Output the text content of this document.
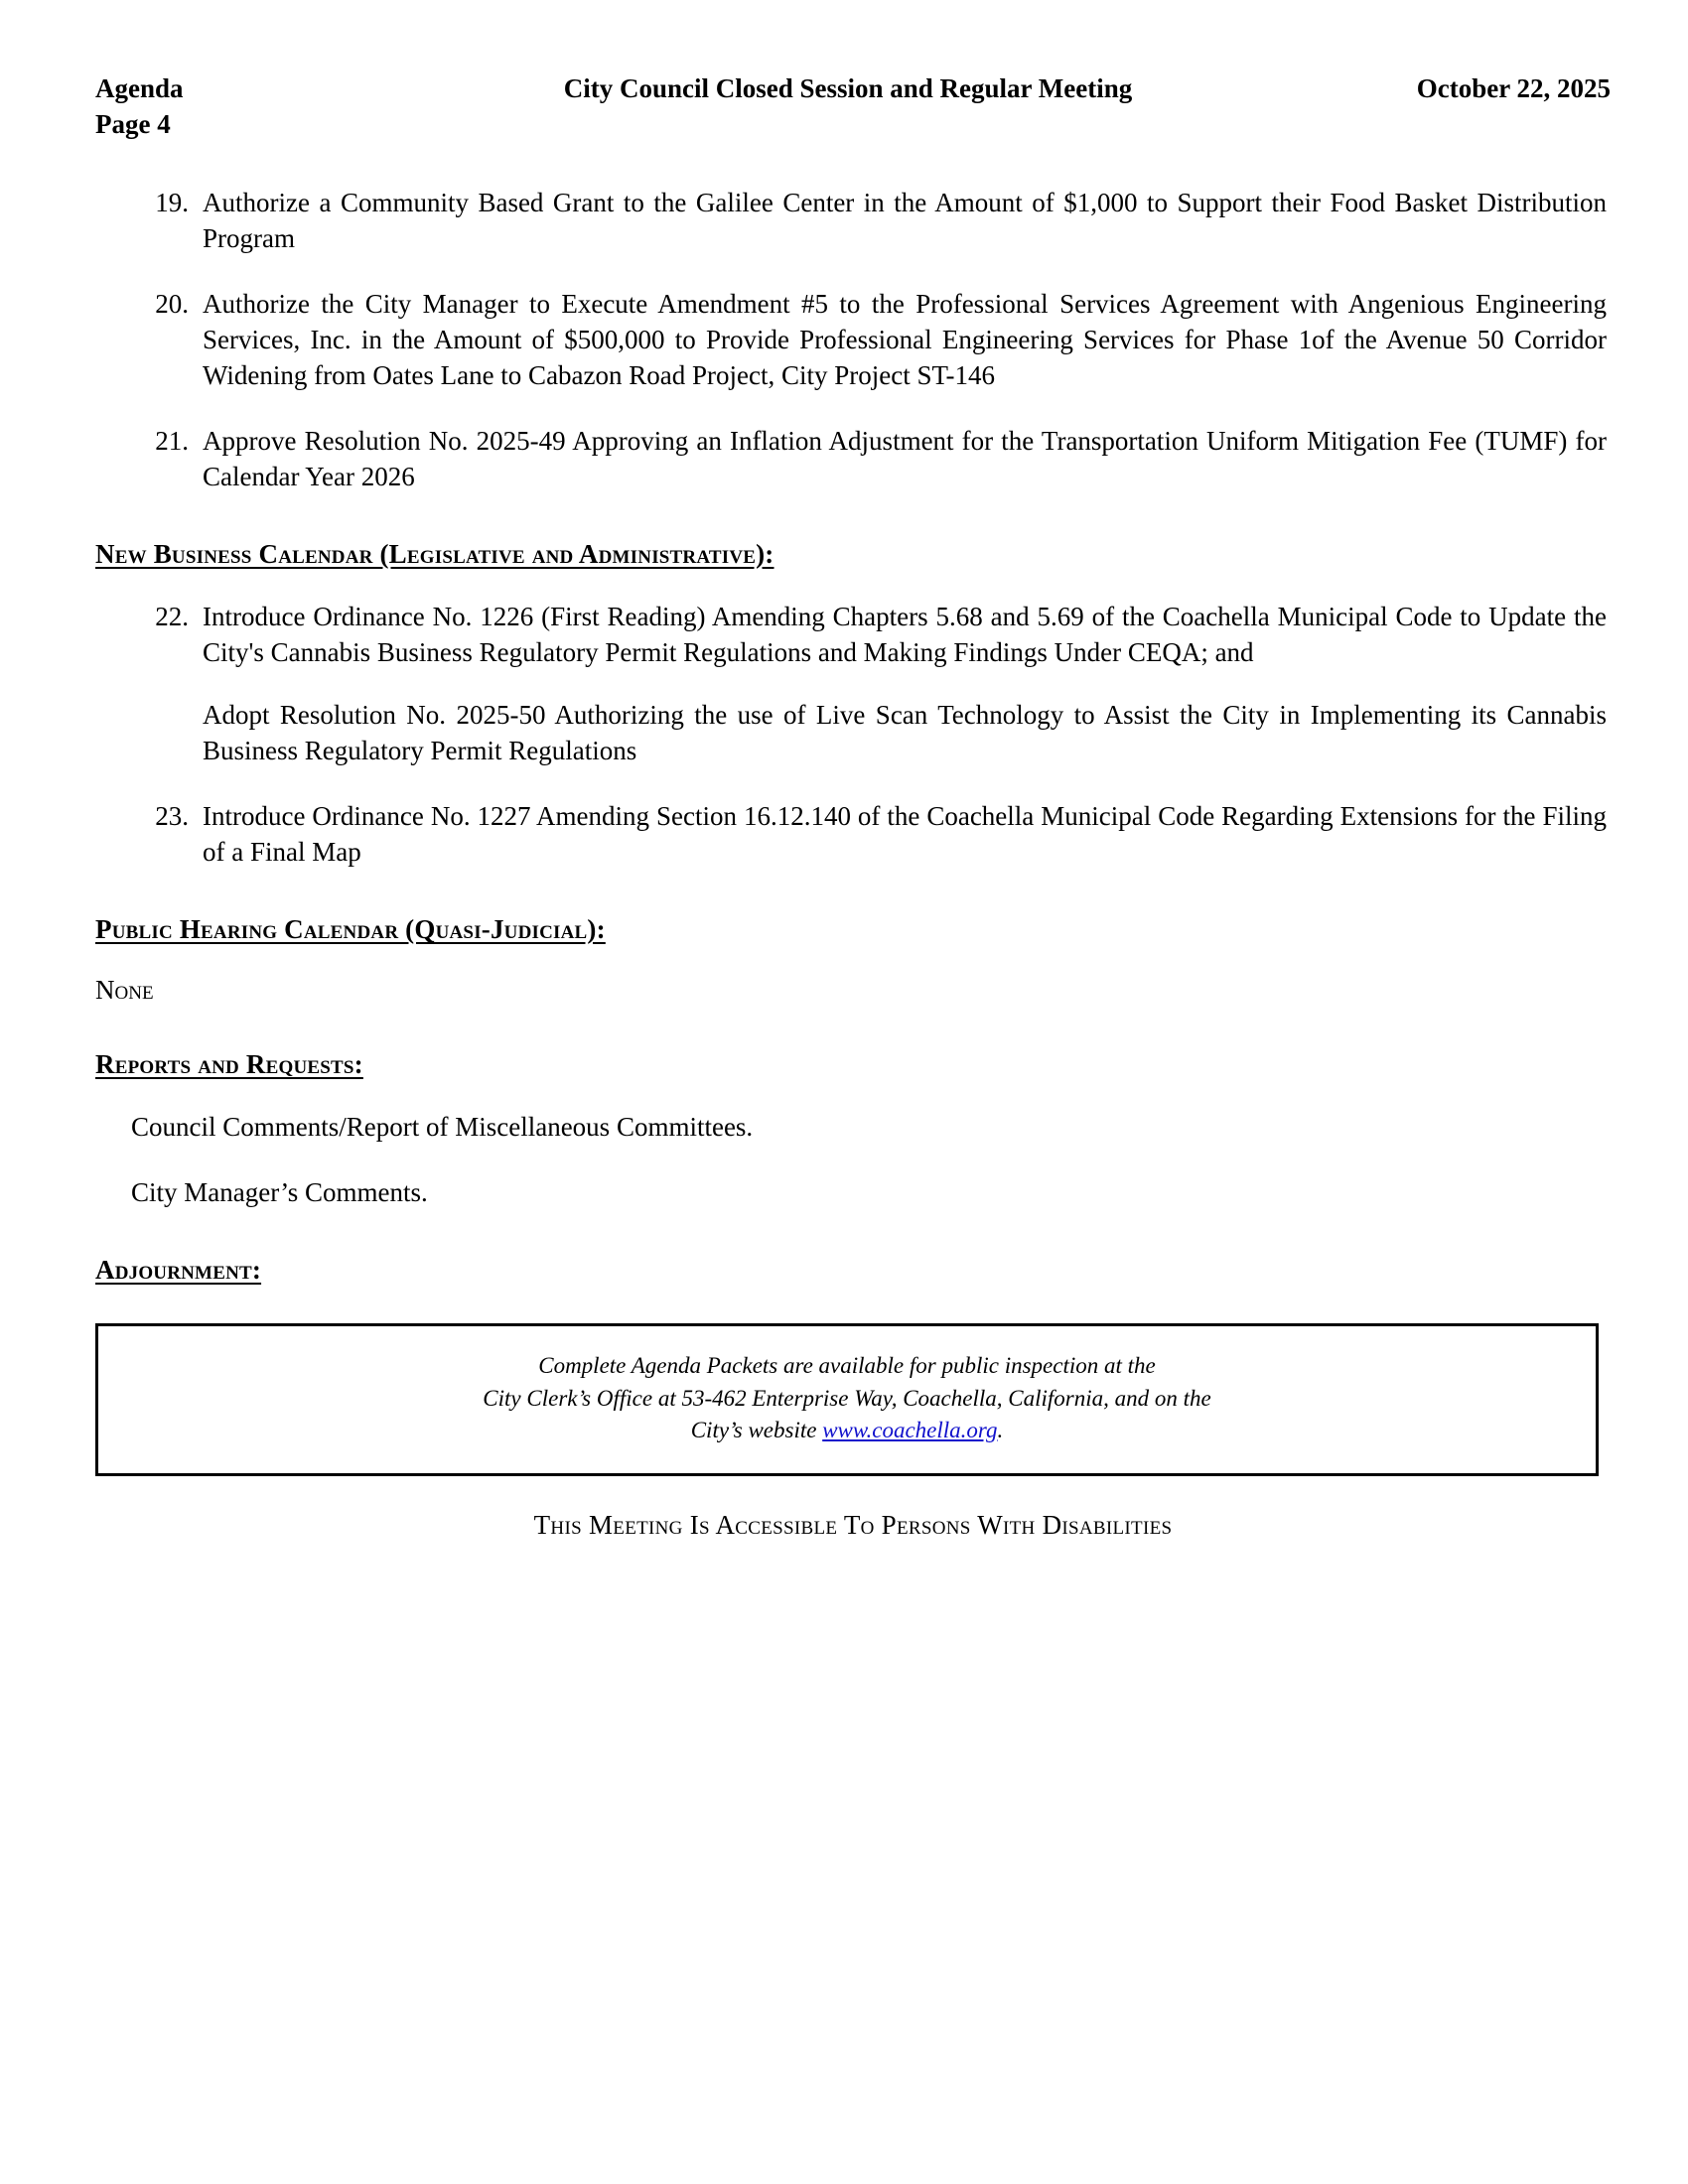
Agenda
Page 4
City Council Closed Session and Regular Meeting	October 22, 2025
19. Authorize a Community Based Grant to the Galilee Center in the Amount of $1,000 to Support their Food Basket Distribution Program
20. Authorize the City Manager to Execute Amendment #5 to the Professional Services Agreement with Angenious Engineering Services, Inc. in the Amount of $500,000 to Provide Professional Engineering Services for Phase 1of the Avenue 50 Corridor Widening from Oates Lane to Cabazon Road Project, City Project ST-146
21. Approve Resolution No. 2025-49 Approving an Inflation Adjustment for the Transportation Uniform Mitigation Fee (TUMF) for Calendar Year 2026
New Business Calendar (Legislative and Administrative):
22. Introduce Ordinance No. 1226 (First Reading) Amending Chapters 5.68 and 5.69 of the Coachella Municipal Code to Update the City's Cannabis Business Regulatory Permit Regulations and Making Findings Under CEQA; and
Adopt Resolution No. 2025-50 Authorizing the use of Live Scan Technology to Assist the City in Implementing its Cannabis Business Regulatory Permit Regulations
23. Introduce Ordinance No. 1227 Amending Section 16.12.140 of the Coachella Municipal Code Regarding Extensions for the Filing of a Final Map
Public Hearing Calendar (Quasi-Judicial):
None
Reports and Requests:
Council Comments/Report of Miscellaneous Committees.
City Manager’s Comments.
Adjournment:

Complete Agenda Packets are available for public inspection at the

City Clerk’s Office at 53-462 Enterprise Way, Coachella, California, and on the

City’s website www.coachella.org.

This Meeting Is Accessible To Persons With Disabilities
